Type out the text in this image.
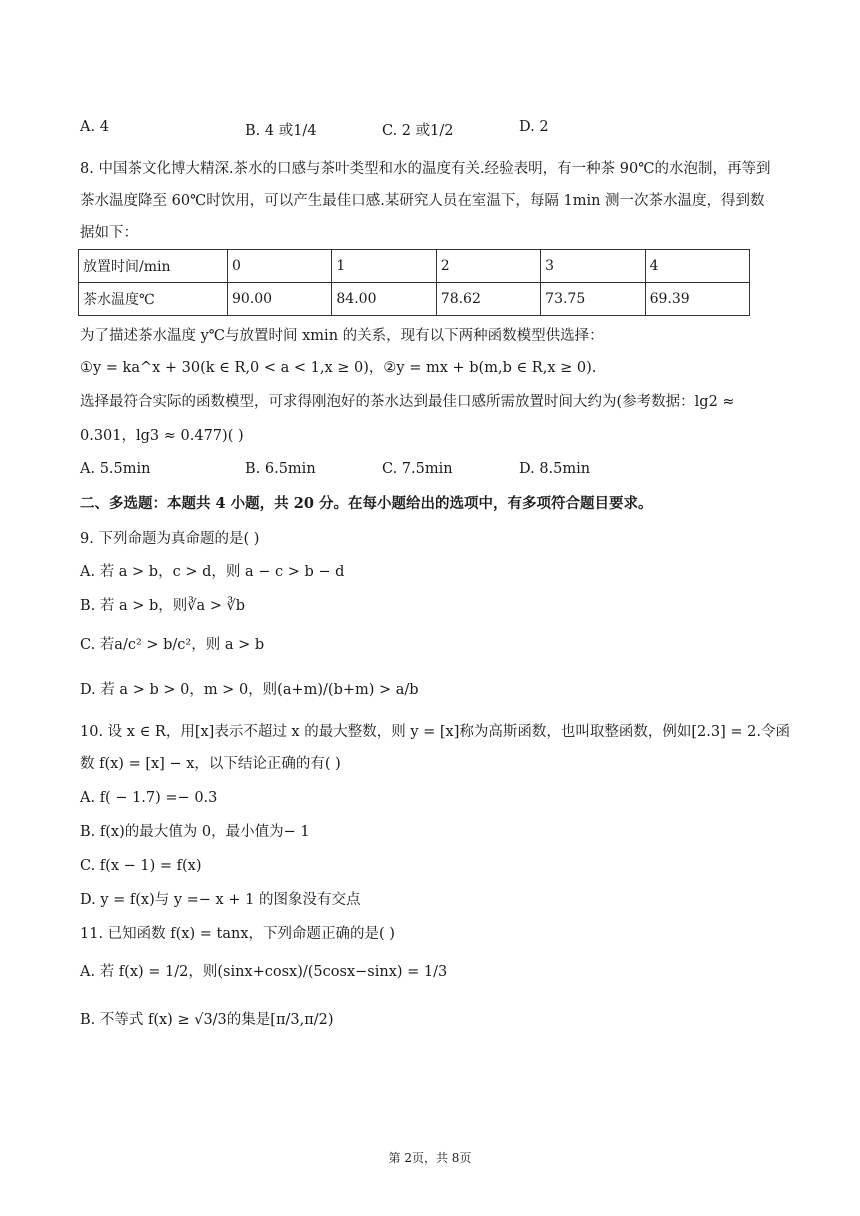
A. 4	B. 4 或1/4	C. 2 或1/2	D. 2
8. 中国茶文化博大精深.茶水的口感与茶叶类型和水的温度有关.经验表明，有一种茶 90℃的水泡制，再等到
茶水温度降至 60℃时饮用，可以产生最佳口感.某研究人员在室温下，每隔 1min 测一次茶水温度，得到数
据如下：
放置时间/min	0	1	2	3	4
茶水温度℃	90.00	84.00	78.62	73.75	69.39
为了描述茶水温度 y℃与放置时间 xmin 的关系，现有以下两种函数模型供选择：
①y = ka^x + 30(k ∈ R,0 < a < 1,x ≥ 0)，②y = mx + b(m,b ∈ R,x ≥ 0).
选择最符合实际的函数模型，可求得刚泡好的茶水达到最佳口感所需放置时间大约为(参考数据：lg2 ≈
0.301，lg3 ≈ 0.477)( )
A. 5.5min	B. 6.5min	C. 7.5min	D. 8.5min
二、多选题：本题共 4 小题，共 20 分。在每小题给出的选项中，有多项符合题目要求。
9. 下列命题为真命题的是( )
A. 若 a > b，c > d，则 a − c > b − d
B. 若 a > b，则∛a > ∛b
C. 若a/c² > b/c²，则 a > b
D. 若 a > b > 0，m > 0，则(a+m)/(b+m) > a/b
10. 设 x ∈ R，用[x]表示不超过 x 的最大整数，则 y = [x]称为高斯函数，也叫取整函数，例如[2.3] = 2.令函
数 f(x) = [x] − x，以下结论正确的有( )
A. f( − 1.7) =− 0.3
B. f(x)的最大值为 0，最小值为− 1
C. f(x − 1) = f(x)
D. y = f(x)与 y =− x + 1 的图象没有交点
11. 已知函数 f(x) = tanx，下列命题正确的是( )
A. 若 f(x) = 1/2，则(sinx+cosx)/(5cosx−sinx) = 1/3
B. 不等式 f(x) ≥ √3/3的集是[π/3,π/2)
第 2页，共 8页
